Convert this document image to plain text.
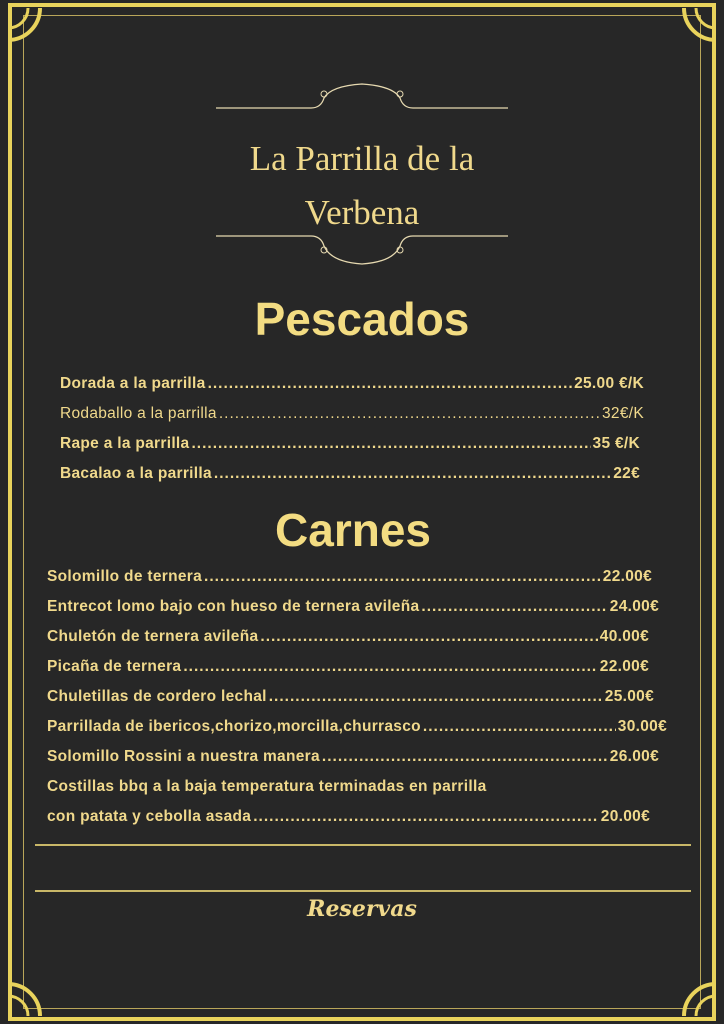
La Parrilla de la
Verbena
Pescados
Dorada a la parrilla .....	25.00 €/K
Rodaballo a la parrilla .....	32€/K
Rape a la parrilla .....	35 €/K
Bacalao a la parrilla .....	22€
Carnes
Solomillo de ternera .....	22.00€
Entrecot lomo bajo con hueso de ternera avileña .....	24.00€
Chuletón de ternera avileña .....	40.00€
Picaña de ternera .....	22.00€
Chuletillas de cordero lechal .....	25.00€
Parrillada de ibericos,chorizo,morcilla,churrasco .....	30.00€
Solomillo Rossini a nuestra manera .....	26.00€
Costillas bbq a la baja temperatura terminadas en parrilla
con patata y cebolla asada .....	20.00€
Reservas
